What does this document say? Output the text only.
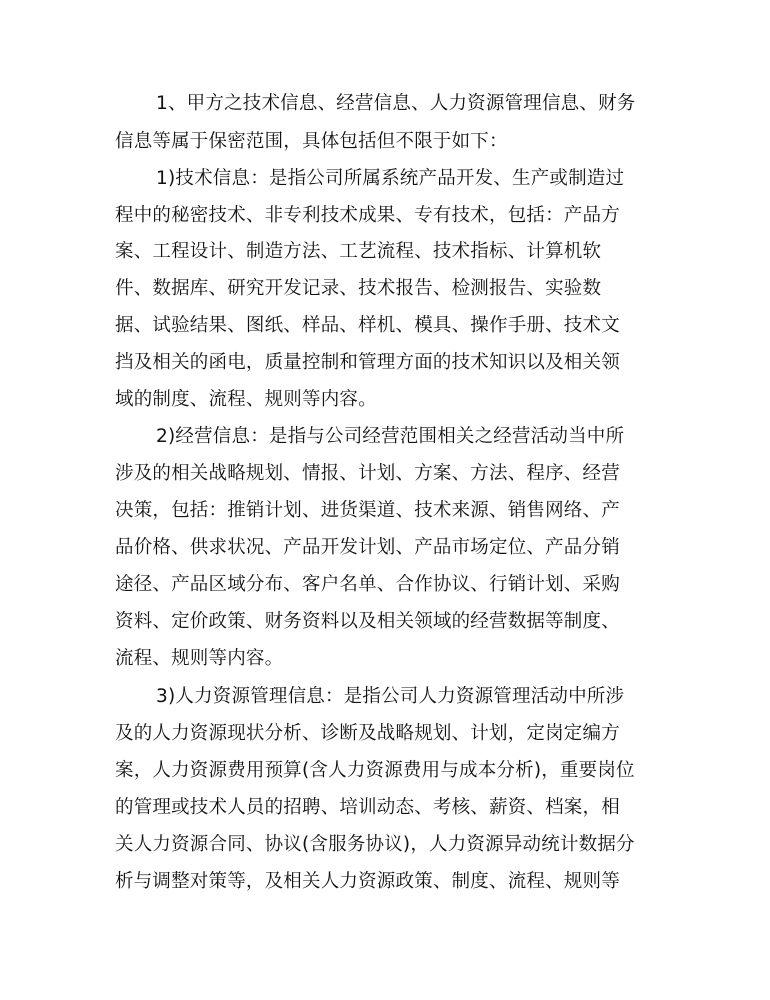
1、甲方之技术信息、经营信息、人力资源管理信息、财务
信息等属于保密范围，具体包括但不限于如下：
1)技术信息：是指公司所属系统产品开发、生产或制造过
程中的秘密技术、非专利技术成果、专有技术，包括：产品方
案、工程设计、制造方法、工艺流程、技术指标、计算机软
件、数据库、研究开发记录、技术报告、检测报告、实验数
据、试验结果、图纸、样品、样机、模具、操作手册、技术文
挡及相关的函电，质量控制和管理方面的技术知识以及相关领
域的制度、流程、规则等内容。
2)经营信息：是指与公司经营范围相关之经营活动当中所
涉及的相关战略规划、情报、计划、方案、方法、程序、经营
决策，包括：推销计划、进货渠道、技术来源、销售网络、产
品价格、供求状况、产品开发计划、产品市场定位、产品分销
途径、产品区域分布、客户名单、合作协议、行销计划、采购
资料、定价政策、财务资料以及相关领域的经营数据等制度、
流程、规则等内容。
3)人力资源管理信息：是指公司人力资源管理活动中所涉
及的人力资源现状分析、诊断及战略规划、计划，定岗定编方
案，人力资源费用预算(含人力资源费用与成本分析)，重要岗位
的管理或技术人员的招聘、培训动态、考核、薪资、档案，相
关人力资源合同、协议(含服务协议)，人力资源异动统计数据分
析与调整对策等，及相关人力资源政策、制度、流程、规则等
